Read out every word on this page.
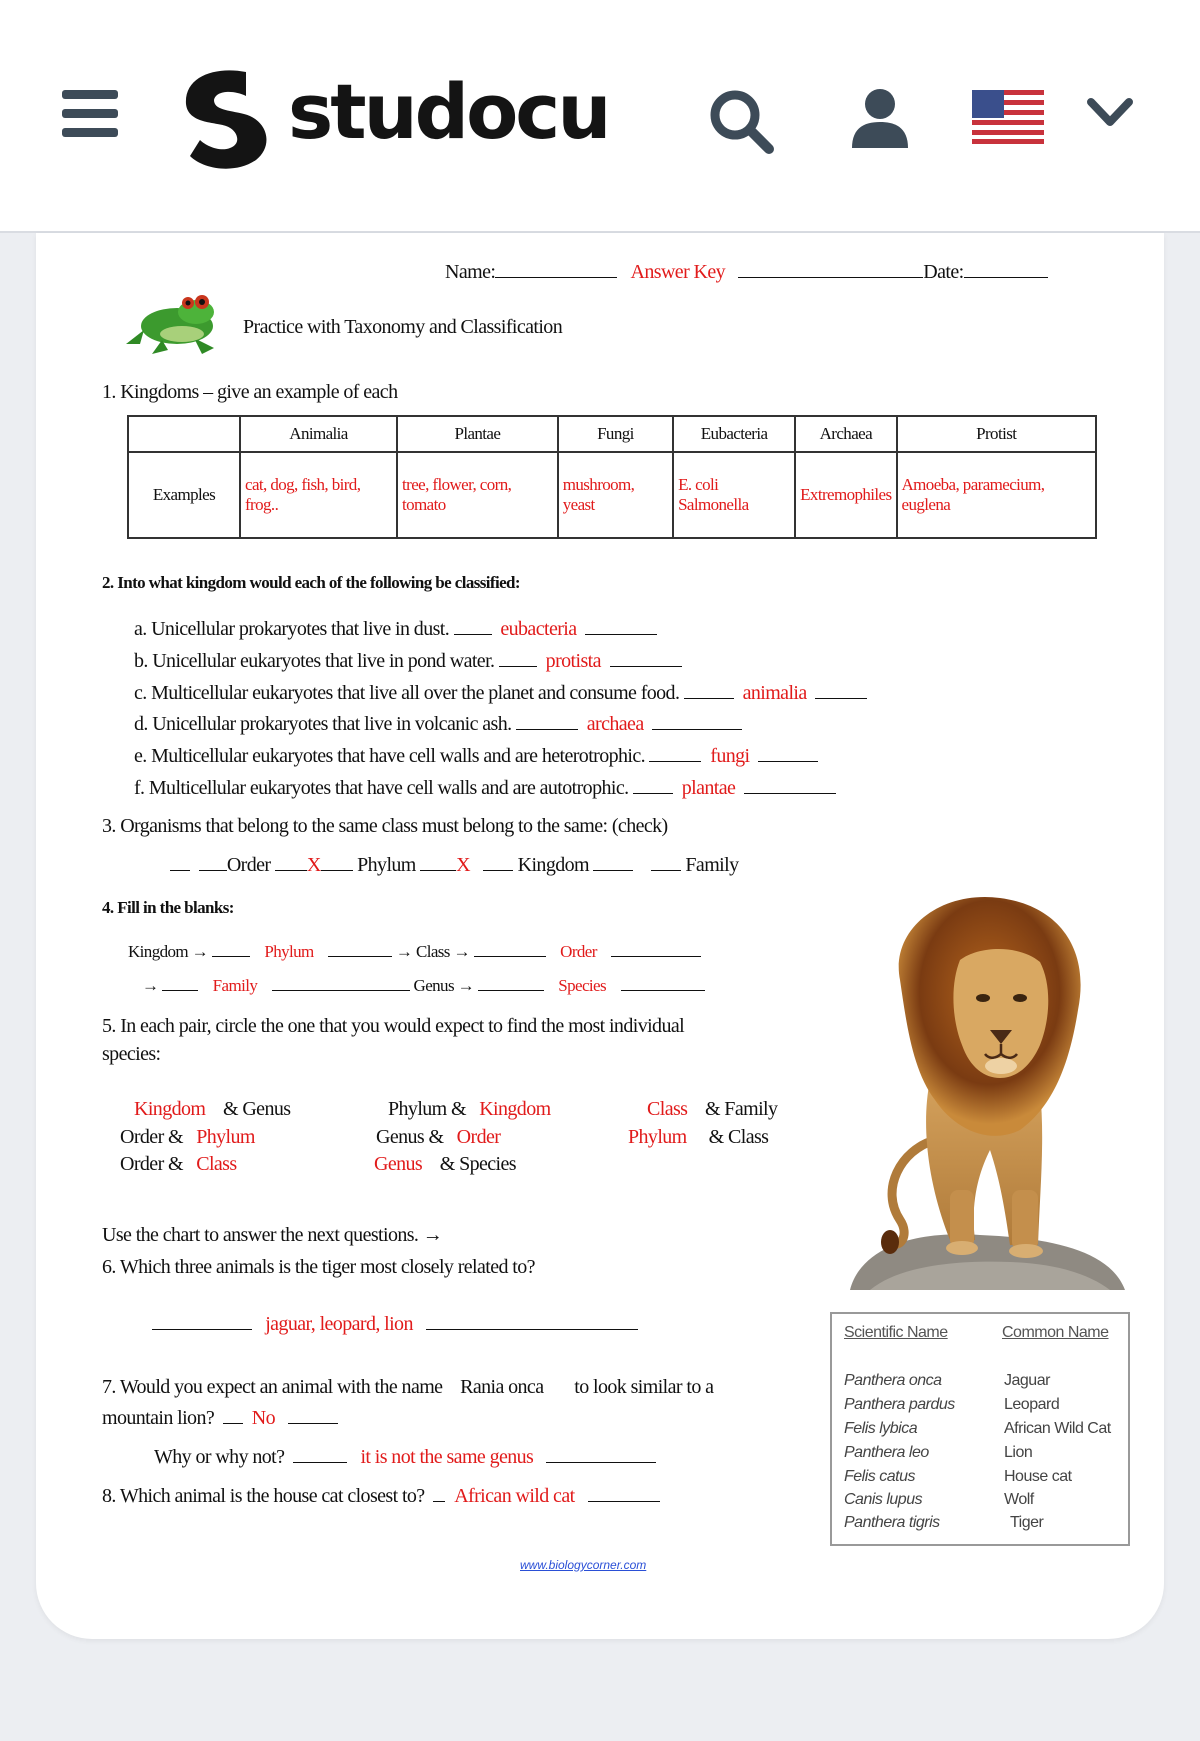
studocu
Name:	Answer Key	Date:
Practice with Taxonomy and Classification
1. Kingdoms – give an example of each
	Animalia	Plantae	Fungi	Eubacteria	Archaea	Protist
Examples	cat, dog, fish, bird, frog..	tree, flower, corn, tomato	mushroom, yeast	E. coli Salmonella	Extremophiles	Amoeba, paramecium, euglena
2. Into what kingdom would each of the following be classified:
a. Unicellular prokaryotes that live in dust.	eubacteria
b. Unicellular eukaryotes that live in pond water.	protista
c. Multicellular eukaryotes that live all over the planet and consume food.	animalia
d. Unicellular prokaryotes that live in volcanic ash.	archaea
e. Multicellular eukaryotes that have cell walls and are heterotrophic.	fungi
f. Multicellular eukaryotes that have cell walls and are autotrophic.	plantae
3. Organisms that belong to the same class must belong to the same: (check)
Order X Phylum X Kingdom	Family
4. Fill in the blanks:
Kingdom →	Phylum	→ Class →	Order
→	Family	Genus →	Species
5. In each pair, circle the one that you would expect to find the most individual
species:
Kingdom & Genus	Phylum & Kingdom	Class & Family
Order & Phylum	Genus & Order	Phylum & Class
Order & Class	Genus & Species
Use the chart to answer the next questions. →
6. Which three animals is the tiger most closely related to?
jaguar, leopard, lion
7. Would you expect an animal with the name Rania onca to look similar to a
mountain lion? No
Why or why not?	it is not the same genus
8. Which animal is the house cat closest to? African wild cat
www.biologycorner.com
Scientific Name	Common Name
Panthera onca	Jaguar
Panthera pardus	Leopard
Felis lybica	African Wild Cat
Panthera leo	Lion
Felis catus	House cat
Canis lupus	Wolf
Panthera tigris	Tiger
